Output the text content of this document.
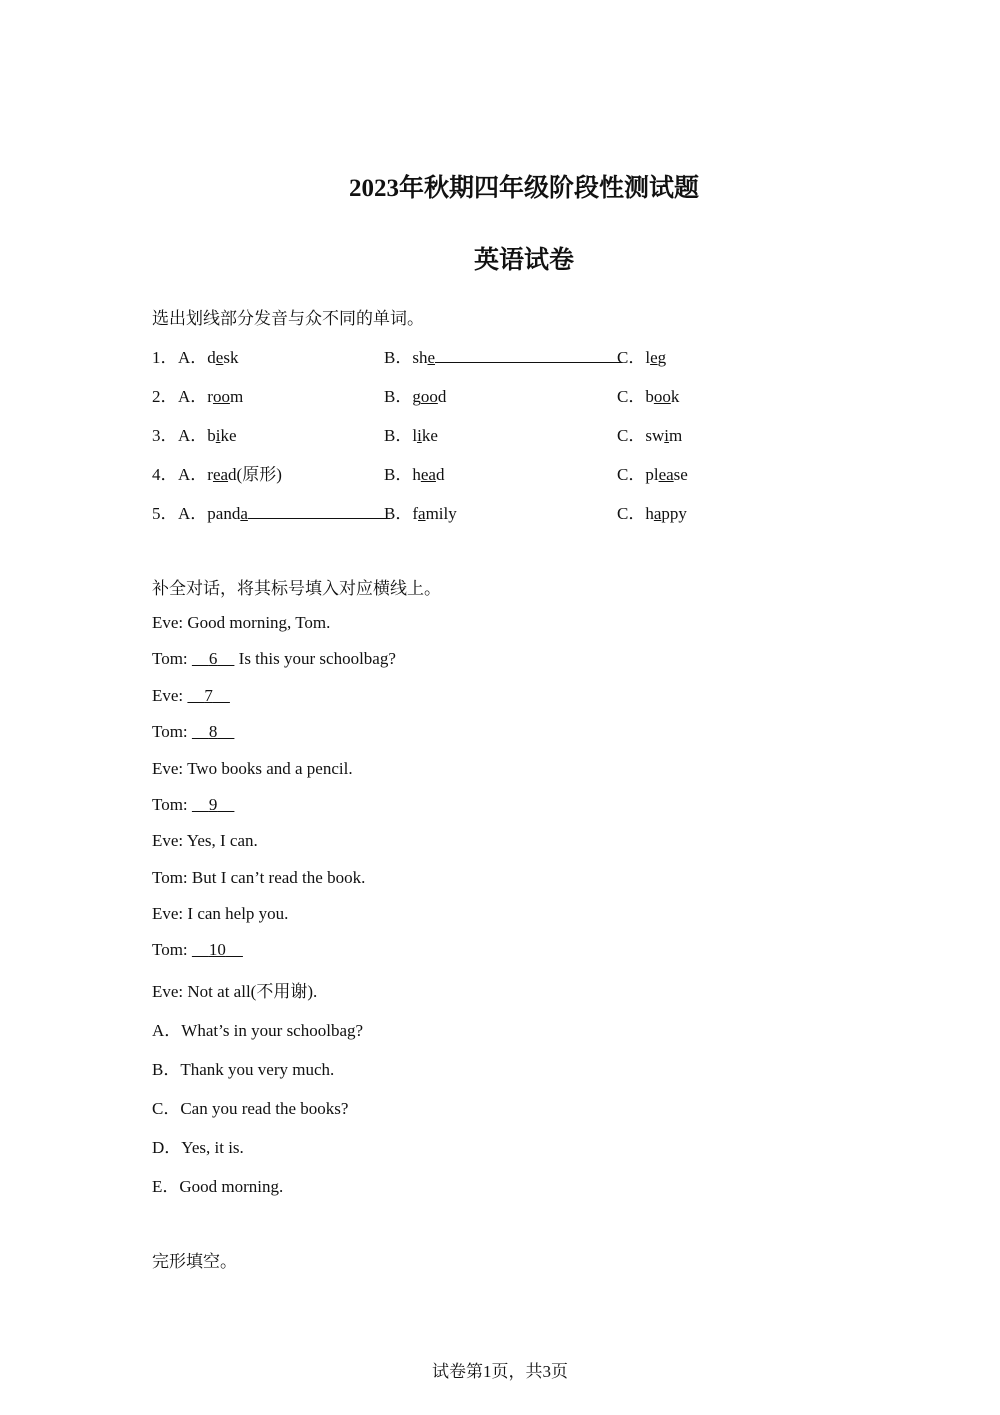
2023年秋期四年级阶段性测试题
英语试卷
选出划线部分发音与众不同的单词。
1． A．desk	B．she	C．leg
2． A．room	B．good	C．book
3． A．bike	B．like	C．swim
4． A．read(原形)	B．head	C．please
5． A．panda	B．family	C．happy
补全对话，将其标号填入对应横线上。
Eve: Good morning, Tom.
Tom:     6     Is this your schoolbag?
Eve:     7
Tom:     8
Eve: Two books and a pencil.
Tom:     9
Eve: Yes, I can.
Tom: But I can’t read the book.
Eve: I can help you.
Tom:     10
Eve: Not at all(不用谢).
A．What’s in your schoolbag?
B．Thank you very much.
C．Can you read the books?
D．Yes, it is.
E．Good morning.
完形填空。
试卷第1页，共3页
